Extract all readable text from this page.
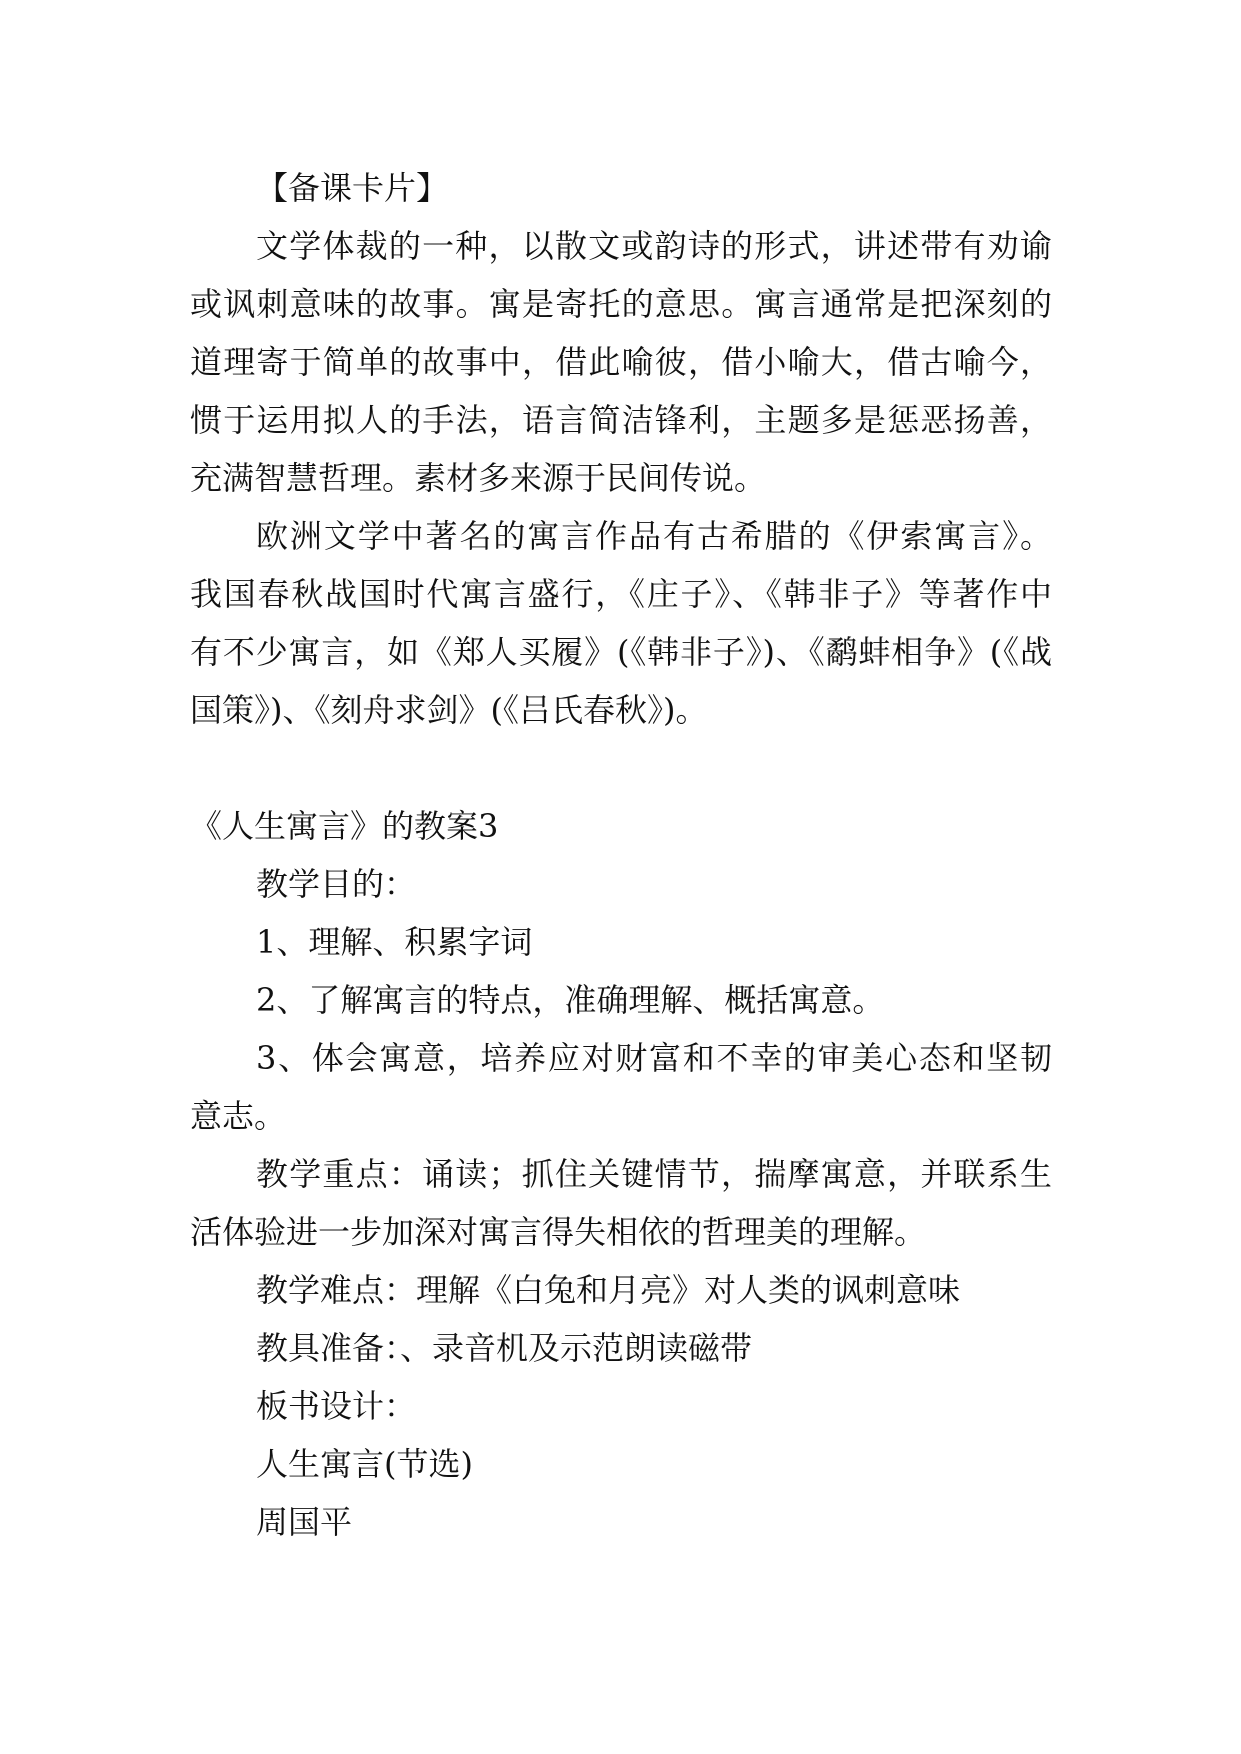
【备课卡片】
文学体裁的一种，以散文或韵诗的形式，讲述带有劝谕
或讽刺意味的故事。寓是寄托的意思。寓言通常是把深刻的
道理寄于简单的故事中，借此喻彼，借小喻大，借古喻今，
惯于运用拟人的手法，语言简洁锋利，主题多是惩恶扬善，
充满智慧哲理。素材多来源于民间传说。
欧洲文学中著名的寓言作品有古希腊的《伊索寓言》。
我国春秋战国时代寓言盛行，《庄子》、《韩非子》等著作中
有不少寓言，如《郑人买履》(《韩非子》)、《鹬蚌相争》(《战
国策》)、《刻舟求剑》(《吕氏春秋》)。
《人生寓言》的教案3
教学目的：
1、理解、积累字词
2、了解寓言的特点，准确理解、概括寓意。
3、体会寓意，培养应对财富和不幸的审美心态和坚韧
意志。
教学重点：诵读；抓住关键情节，揣摩寓意，并联系生
活体验进一步加深对寓言得失相依的哲理美的理解。
教学难点：理解《白兔和月亮》对人类的讽刺意味
教具准备：、录音机及示范朗读磁带
板书设计：
人生寓言(节选)
周国平
